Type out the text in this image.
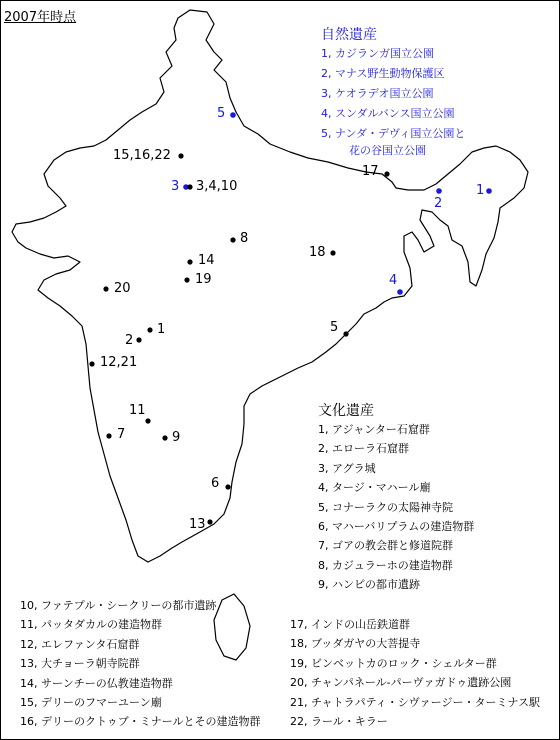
2007年時点
1
2
3
4
5
1
2
3,4,10
5
6
7
8
9
11
12,21
13
14
15,16,22
17
18
19
20
自然遺産
1, カジランガ国立公園
2, マナス野生動物保護区
3, ケオラデオ国立公園
4, スンダルバンス国立公園
5, ナンダ・デヴィ国立公園と
花の谷国立公園
文化遺産
1, アジャンター石窟群
2, エローラ石窟群
3, アグラ城
4, タージ・マハール廟
5, コナーラクの太陽神寺院
6, マハーバリプラムの建造物群
7, ゴアの教会群と修道院群
8, カジュラーホの建造物群
9, ハンピの都市遺跡
10, ファテプル・シークリーの都市遺跡
11, パッタダカルの建造物群
12, エレファンタ石窟群
13, 大チョーラ朝寺院群
14, サーンチーの仏教建造物群
15, デリーのフマーユーン廟
16, デリーのクトゥブ・ミナールとその建造物群
17, インドの山岳鉄道群
18, ブッダガヤの大菩提寺
19, ビンベットカのロック・シェルター群
20, チャンパネール-パーヴァガドゥ遺跡公園
21, チャトラパティ・シヴァージー・ターミナス駅
22, ラール・キラー
